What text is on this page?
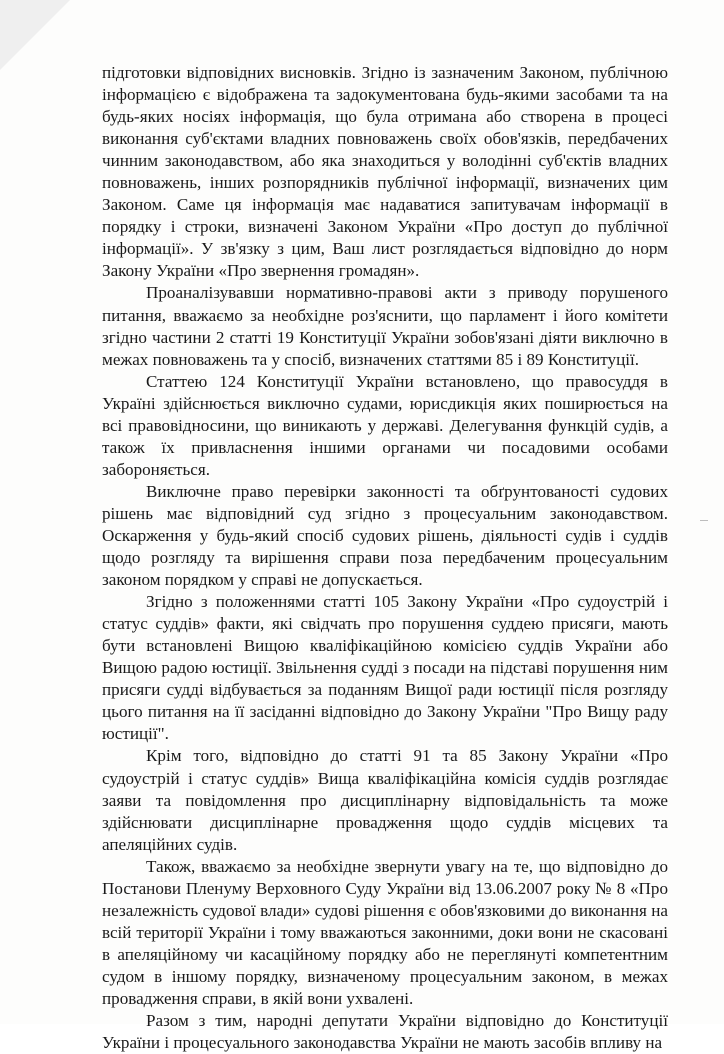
підготовки відповідних висновків. Згідно із зазначеним Законом, публічною інформацією є відображена та задокументована будь-якими засобами та на будь-яких носіях інформація, що була отримана або створена в процесі виконання суб'єктами владних повноважень своїх обов'язків, передбачених чинним законодавством, або яка знаходиться у володінні суб'єктів владних повноважень, інших розпорядників публічної інформації, визначених цим Законом. Саме ця інформація має надаватися запитувачам інформації в порядку і строки, визначені Законом України «Про доступ до публічної інформації». У зв'язку з цим, Ваш лист розглядається відповідно до норм Закону України «Про звернення громадян».

Проаналізувавши нормативно-правові акти з приводу порушеного питання, вважаємо за необхідне роз'яснити, що парламент і його комітети згідно частини 2 статті 19 Конституції України зобов'язані діяти виключно в межах повноважень та у спосіб, визначених статтями 85 і 89 Конституції.

Статтею 124 Конституції України встановлено, що правосуддя в Україні здійснюється виключно судами, юрисдикція яких поширюється на всі правовідносини, що виникають у державі. Делегування функцій судів, а також їх привласнення іншими органами чи посадовими особами забороняється.

Виключне право перевірки законності та обґрунтованості судових рішень має відповідний суд згідно з процесуальним законодавством. Оскарження у будь-який спосіб судових рішень, діяльності судів і суддів щодо розгляду та вирішення справи поза передбаченим процесуальним законом порядком у справі не допускається.

Згідно з положеннями статті 105 Закону України «Про судоустрій і статус суддів» факти, які свідчать про порушення суддею присяги, мають бути встановлені Вищою кваліфікаційною комісією суддів України або Вищою радою юстиції. Звільнення судді з посади на підставі порушення ним присяги судді відбувається за поданням Вищої ради юстиції після розгляду цього питання на її засіданні відповідно до Закону України "Про Вищу раду юстиції".

Крім того, відповідно до статті 91 та 85 Закону України «Про судоустрій і статус суддів» Вища кваліфікаційна комісія суддів розглядає заяви та повідомлення про дисциплінарну відповідальність та може здійснювати дисциплінарне провадження щодо суддів місцевих та апеляційних судів.

Також, вважаємо за необхідне звернути увагу на те, що відповідно до Постанови Пленуму Верховного Суду України від 13.06.2007 року № 8 «Про незалежність судової влади» судові рішення є обов'язковими до виконання на всій території України і тому вважаються законними, доки вони не скасовані в апеляційному чи касаційному порядку або не переглянуті компетентним судом в іншому порядку, визначеному процесуальним законом, в межах провадження справи, в якій вони ухвалені.

Разом з тим, народні депутати України відповідно до Конституції України і процесуального законодавства України не мають засобів впливу на
